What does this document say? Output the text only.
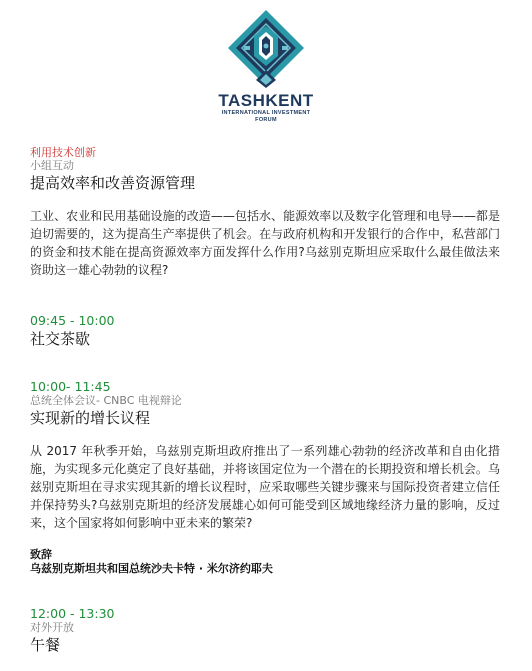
TASHKENT
INTERNATIONAL INVESTMENT
FORUM
利用技术创新
小组互动
提高效率和改善资源管理

工业、农业和民用基础设施的改造——包括水、能源效率以及数字化管理和电导——都是迫切需要的，这为提高生产率提供了机会。在与政府机构和开发银行的合作中，私营部门的资金和技术能在提高资源效率方面发挥什么作用?乌兹别克斯坦应采取什么最佳做法来资助这一雄心勃勃的议程?

09:45 - 10:00
社交茶歇
10:00- 11:45
总统全体会议- CNBC 电视辩论
实现新的增长议程

从 2017 年秋季开始，乌兹别克斯坦政府推出了一系列雄心勃勃的经济改革和自由化措施，为实现多元化奠定了良好基础，并将该国定位为一个潜在的长期投资和增长机会。乌兹别克斯坦在寻求实现其新的增长议程时，应采取哪些关键步骤来与国际投资者建立信任并保持势头?乌兹别克斯坦的经济发展雄心如何可能受到区域地缘经济力量的影响，反过来，这个国家将如何影响中亚未来的繁荣?

致辞
乌兹别克斯坦共和国总统沙夫卡特 · 米尔济约耶夫
12:00 - 13:30
对外开放
午餐
